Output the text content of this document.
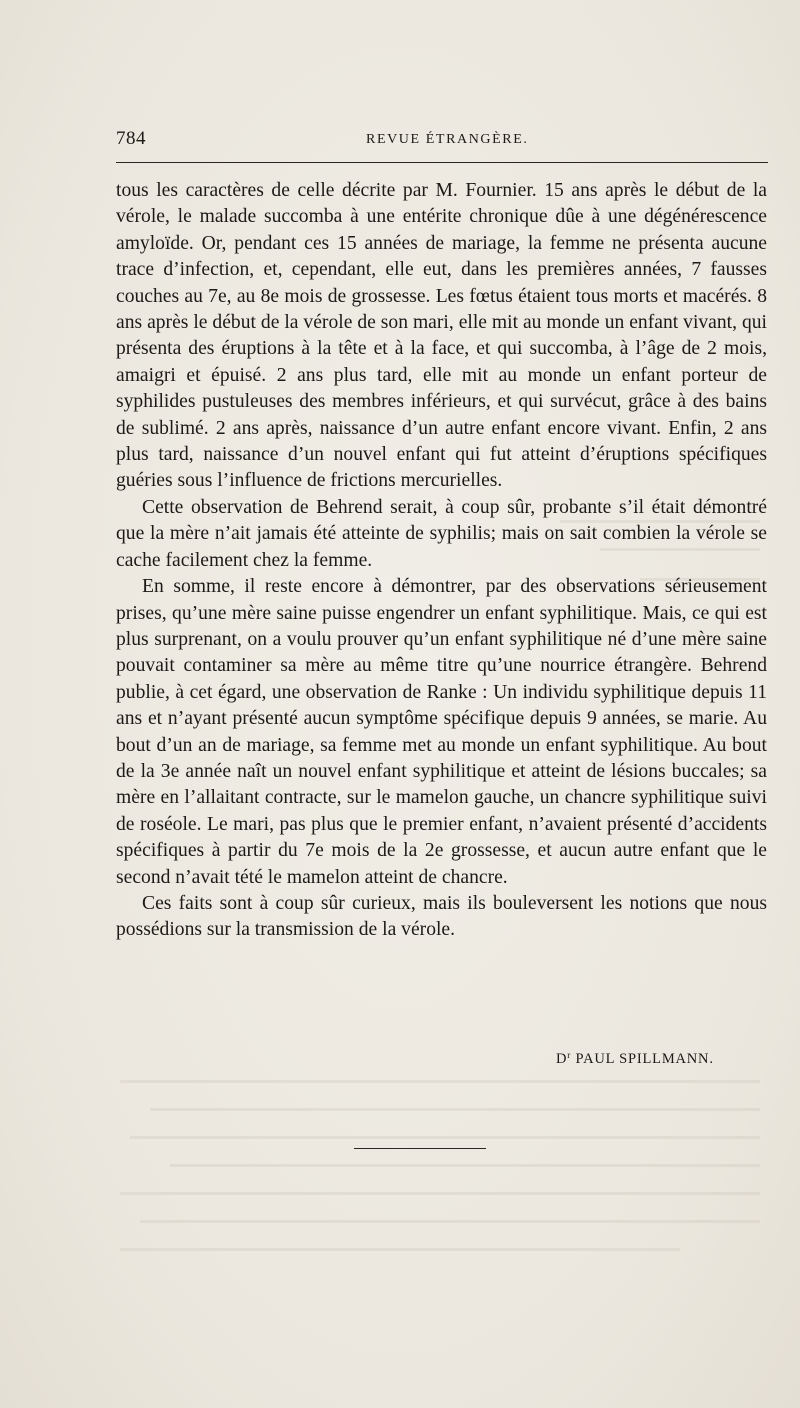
784	REVUE ÉTRANGÈRE.

tous les caractères de celle décrite par M. Fournier. 15 ans après le début de la vérole, le malade succomba à une entérite chronique dûe à une dégénérescence amyloïde. Or, pendant ces 15 années de mariage, la femme ne présenta aucune trace d’infection, et, cependant, elle eut, dans les premières années, 7 fausses couches au 7e, au 8e mois de grossesse. Les fœtus étaient tous morts et macérés. 8 ans après le début de la vérole de son mari, elle mit au monde un enfant vivant, qui présenta des éruptions à la tête et à la face, et qui succomba, à l’âge de 2 mois, amaigri et épuisé. 2 ans plus tard, elle mit au monde un enfant porteur de syphilides pustuleuses des membres inférieurs, et qui survécut, grâce à des bains de sublimé. 2 ans après, naissance d’un autre enfant encore vivant. Enfin, 2 ans plus tard, naissance d’un nouvel enfant qui fut atteint d’éruptions spécifiques guéries sous l’influence de frictions mercurielles.

Cette observation de Behrend serait, à coup sûr, probante s’il était démontré que la mère n’ait jamais été atteinte de syphilis; mais on sait combien la vérole se cache facilement chez la femme.

En somme, il reste encore à démontrer, par des observations sérieusement prises, qu’une mère saine puisse engendrer un enfant syphilitique. Mais, ce qui est plus surprenant, on a voulu prouver qu’un enfant syphilitique né d’une mère saine pouvait contaminer sa mère au même titre qu’une nourrice étrangère. Behrend publie, à cet égard, une observation de Ranke : Un individu syphilitique depuis 11 ans et n’ayant présenté aucun symptôme spécifique depuis 9 années, se marie. Au bout d’un an de mariage, sa femme met au monde un enfant syphilitique. Au bout de la 3e année naît un nouvel enfant syphilitique et atteint de lésions buccales; sa mère en l’allaitant contracte, sur le mamelon gauche, un chancre syphilitique suivi de roséole. Le mari, pas plus que le premier enfant, n’avaient présenté d’accidents spécifiques à partir du 7e mois de la 2e grossesse, et aucun autre enfant que le second n’avait tété le mamelon atteint de chancre.

Ces faits sont à coup sûr curieux, mais ils bouleversent les notions que nous possédions sur la transmission de la vérole.

$D^r$ PAUL SPILLMANN.
